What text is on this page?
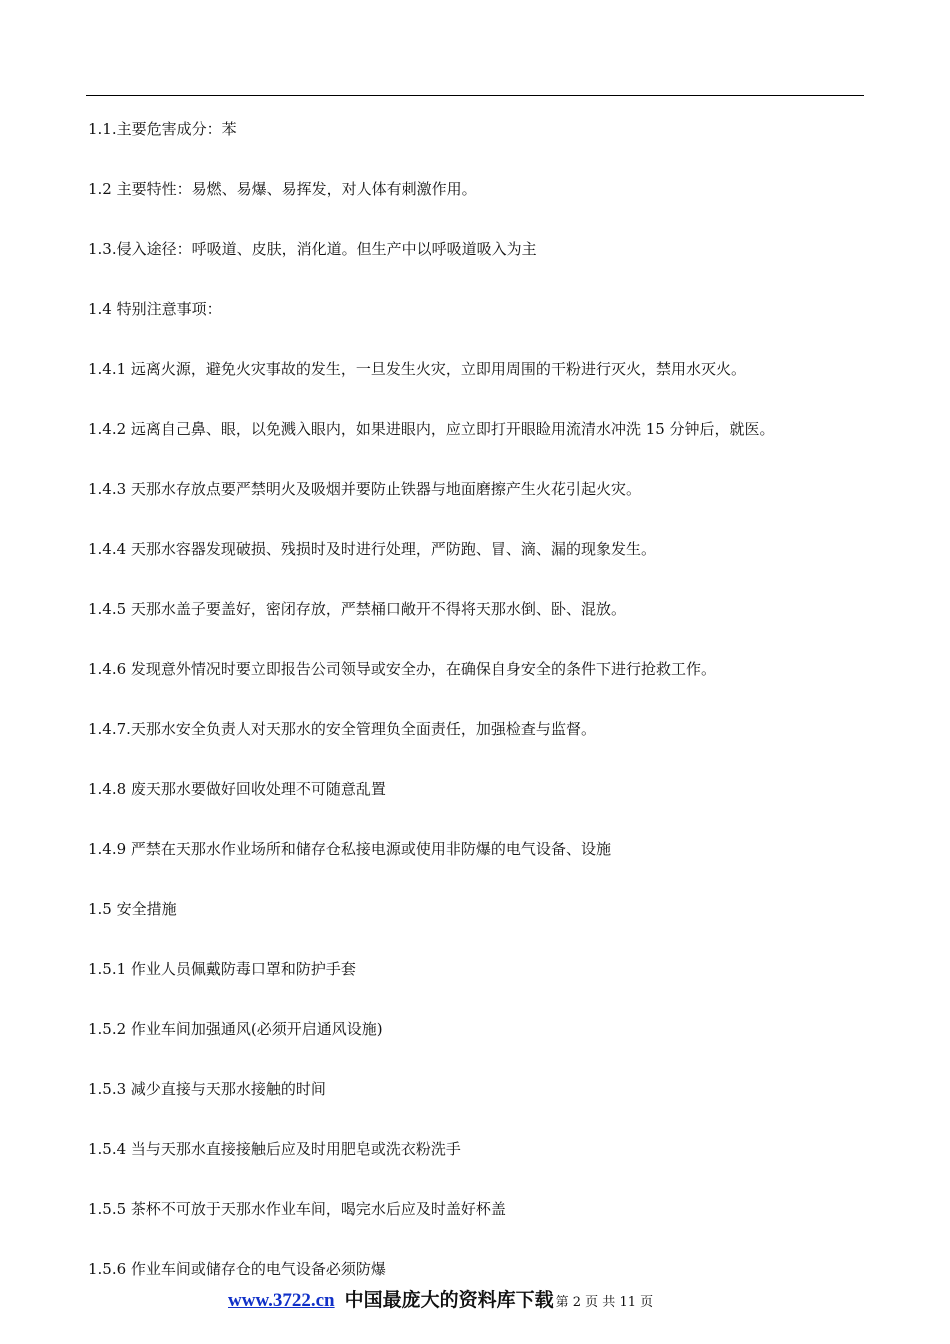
1.1.主要危害成分：苯
1.2 主要特性：易燃、易爆、易挥发，对人体有刺激作用。
1.3.侵入途径：呼吸道、皮肤，消化道。但生产中以呼吸道吸入为主
1.4 特别注意事项：
1.4.1 远离火源，避免火灾事故的发生，一旦发生火灾，立即用周围的干粉进行灭火，禁用水灭火。
1.4.2 远离自己鼻、眼，以免溅入眼内，如果进眼内，应立即打开眼睑用流清水冲洗 15 分钟后，就医。
1.4.3 天那水存放点要严禁明火及吸烟并要防止铁器与地面磨擦产生火花引起火灾。
1.4.4 天那水容器发现破损、残损时及时进行处理，严防跑、冒、滴、漏的现象发生。
1.4.5 天那水盖子要盖好，密闭存放，严禁桶口敞开不得将天那水倒、卧、混放。
1.4.6 发现意外情况时要立即报告公司领导或安全办，在确保自身安全的条件下进行抢救工作。
1.4.7.天那水安全负责人对天那水的安全管理负全面责任，加强检查与监督。
1.4.8 废天那水要做好回收处理不可随意乱置
1.4.9 严禁在天那水作业场所和储存仓私接电源或使用非防爆的电气设备、设施
1.5 安全措施
1.5.1 作业人员佩戴防毒口罩和防护手套
1.5.2 作业车间加强通风(必须开启通风设施)
1.5.3 减少直接与天那水接触的时间
1.5.4 当与天那水直接接触后应及时用肥皂或洗衣粉洗手
1.5.5 茶杯不可放于天那水作业车间，喝完水后应及时盖好杯盖
1.5.6 作业车间或储存仓的电气设备必须防爆
www.3722.cn 中国最庞大的资料库下载 第 2 页 共 11 页
